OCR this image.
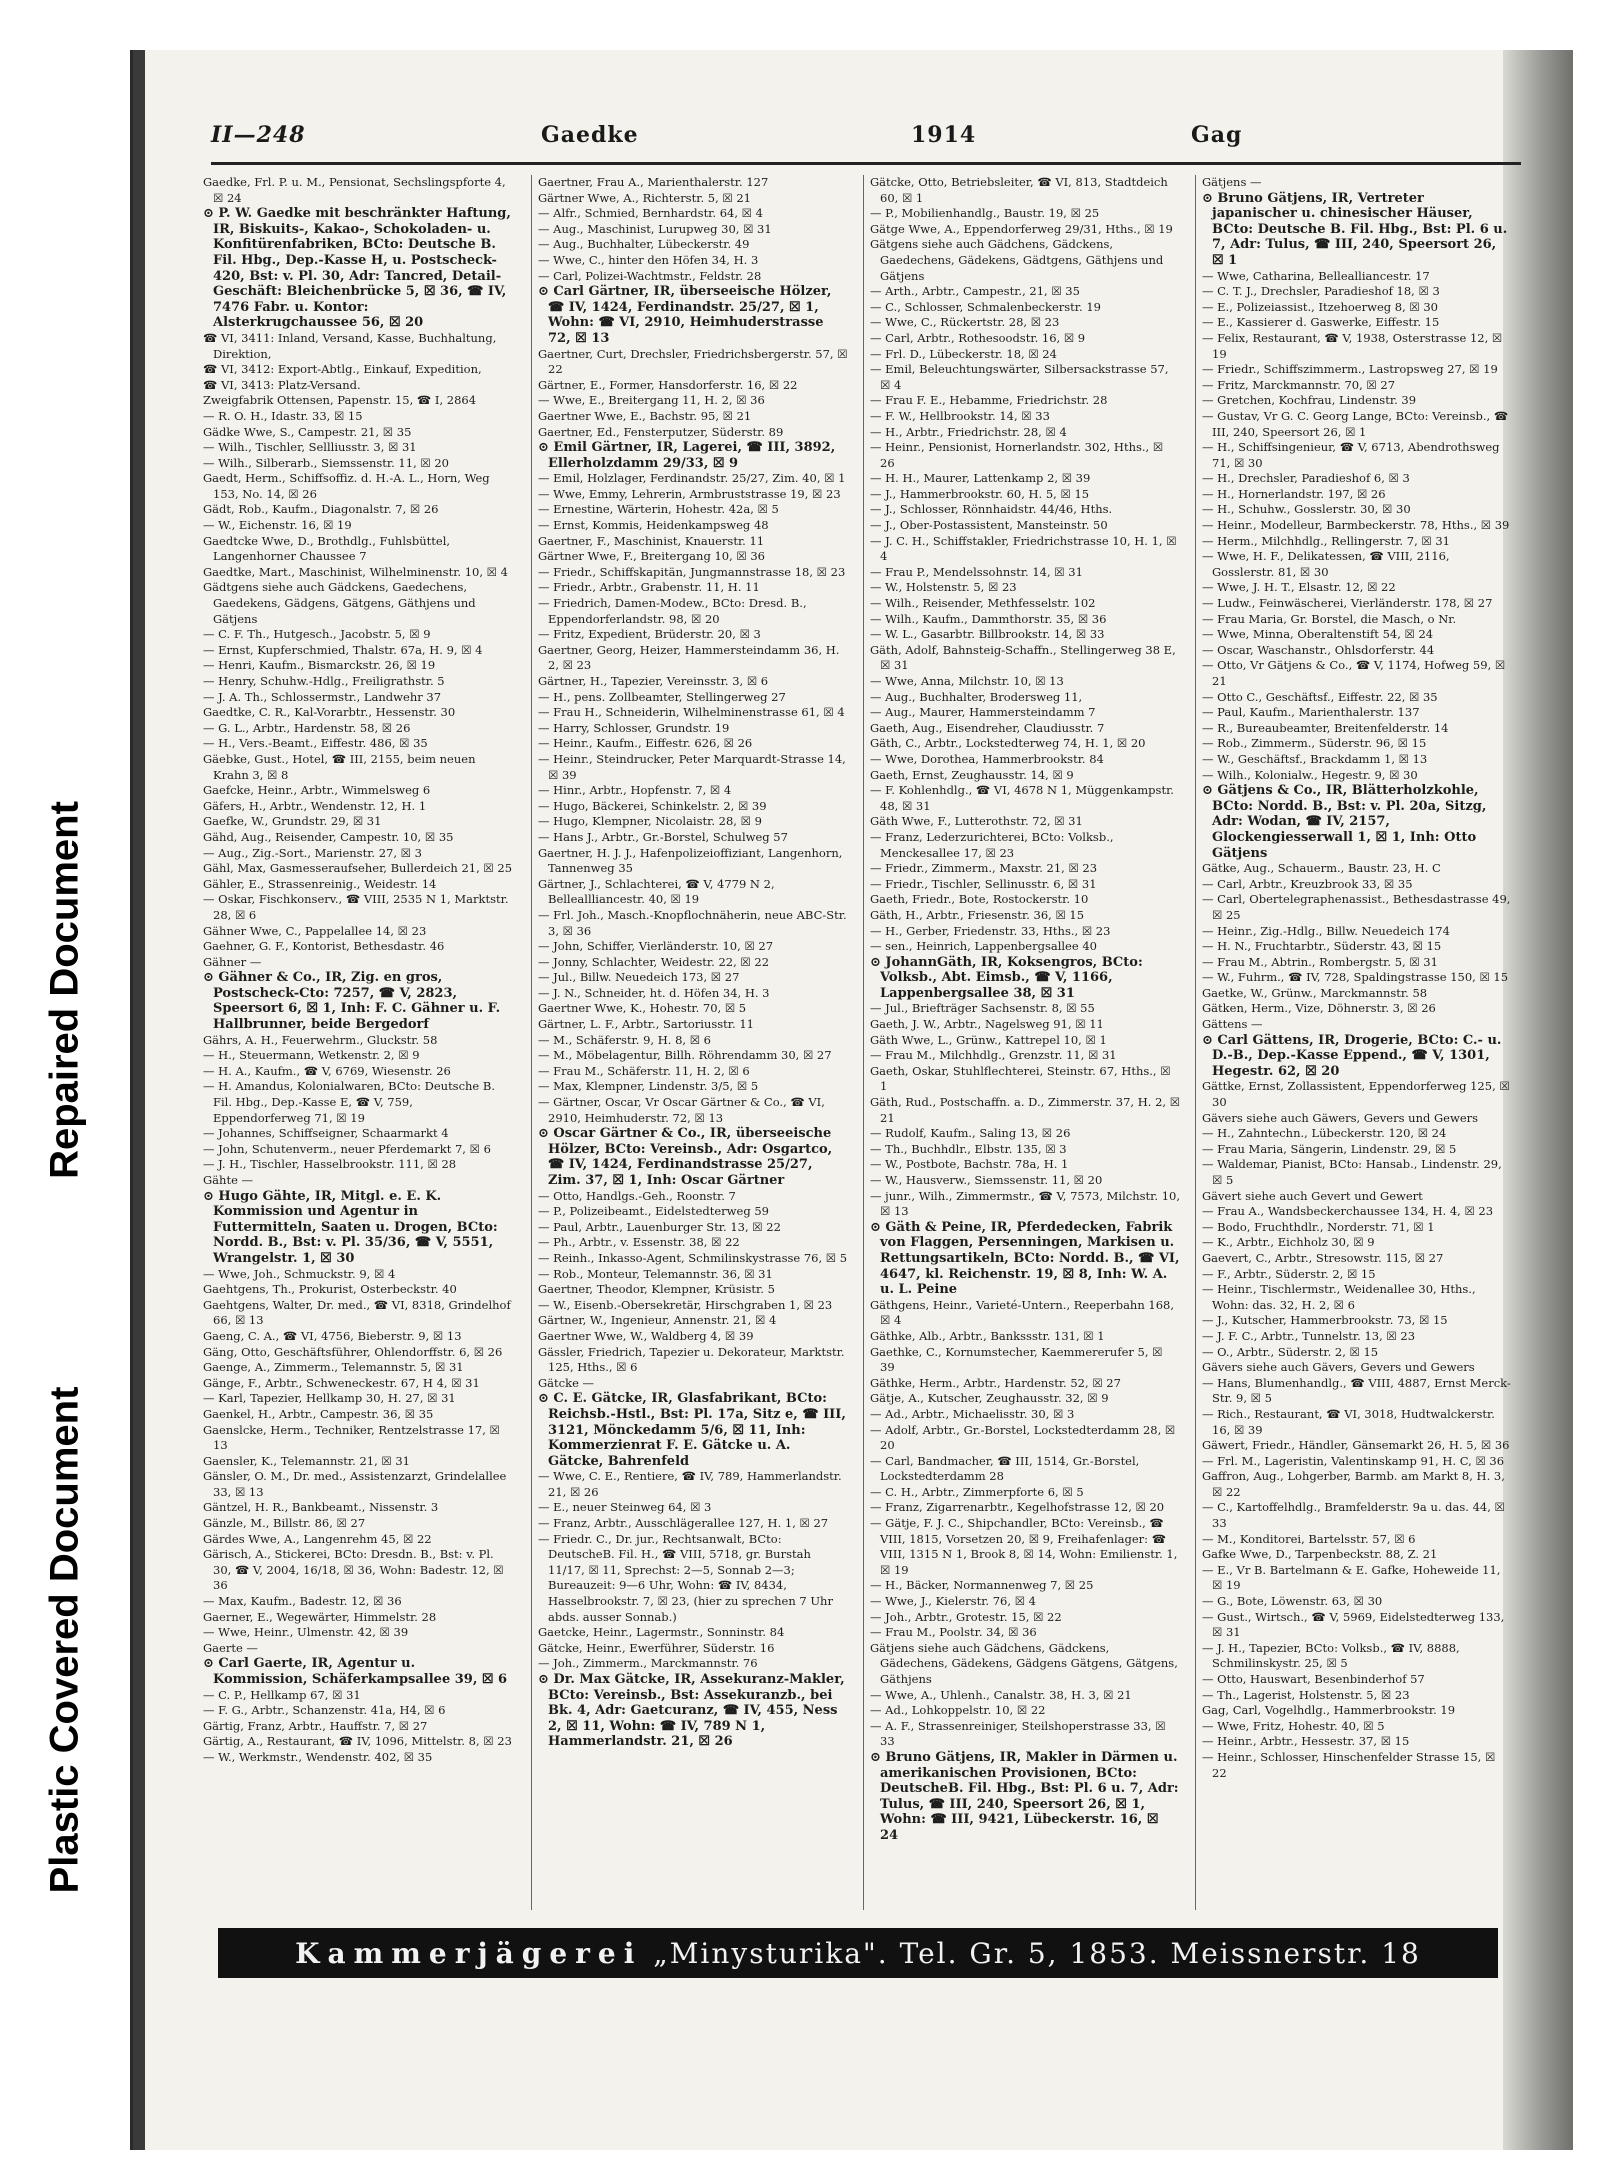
Repaired Document
Plastic Covered Document
II—248	Gaedke	1914	Gag

Gaedke, Frl. P. u. M., Pensionat, Sechslingspforte 4, ☒ 24

⊙ P. W. Gaedke mit beschränkter Haftung, IR, Biskuits-, Kakao-, Schokoladen- u. Konfitürenfabriken, BCto: Deutsche B. Fil. Hbg., Dep.-Kasse H, u. Postscheck-420, Bst: v. Pl. 30, Adr: Tancred, Detail-Geschäft: Bleichenbrücke 5, ☒ 36, ☎ IV, 7476 Fabr. u. Kontor: Alsterkrugchaussee 56, ☒ 20

☎ VI, 3411: Inland, Versand, Kasse, Buchhaltung, Direktion,

☎ VI, 3412: Export-Abtlg., Einkauf, Expedition,

☎ VI, 3413: Platz-Versand.

Zweigfabrik Ottensen, Papenstr. 15, ☎ I, 2864

— R. O. H., Idastr. 33, ☒ 15

Gädke Wwe, S., Campestr. 21, ☒ 35

— Wilh., Tischler, Sellliusstr. 3, ☒ 31

— Wilh., Silberarb., Siemssenstr. 11, ☒ 20

Gaedt, Herm., Schiffsoffiz. d. H.-A. L., Horn, Weg 153, No. 14, ☒ 26

Gädt, Rob., Kaufm., Diagonalstr. 7, ☒ 26

— W., Eichenstr. 16, ☒ 19

Gaedtcke Wwe, D., Brothdlg., Fuhlsbüttel, Langenhorner Chaussee 7

Gaedtke, Mart., Maschinist, Wilhelminenstr. 10, ☒ 4

Gädtgens siehe auch Gädckens, Gaedechens, Gaedekens, Gädgens, Gätgens, Gäthjens und Gätjens

— C. F. Th., Hutgesch., Jacobstr. 5, ☒ 9

— Ernst, Kupferschmied, Thalstr. 67a, H. 9, ☒ 4

— Henri, Kaufm., Bismarckstr. 26, ☒ 19

— Henry, Schuhw.-Hdlg., Freiligrathstr. 5

— J. A. Th., Schlossermstr., Landwehr 37

Gaedtke, C. R., Kal-Vorarbtr., Hessenstr. 30

— G. L., Arbtr., Hardenstr. 58, ☒ 26

— H., Vers.-Beamt., Eiffestr. 486, ☒ 35

Gäebke, Gust., Hotel, ☎ III, 2155, beim neuen Krahn 3, ☒ 8

Gaefcke, Heinr., Arbtr., Wimmelsweg 6

Gäfers, H., Arbtr., Wendenstr. 12, H. 1

Gaefke, W., Grundstr. 29, ☒ 31

Gähd, Aug., Reisender, Campestr. 10, ☒ 35

— Aug., Zig.-Sort., Marienstr. 27, ☒ 3

Gähl, Max, Gasmesseraufseher, Bullerdeich 21, ☒ 25

Gähler, E., Strassenreinig., Weidestr. 14

— Oskar, Fischkonserv., ☎ VIII, 2535 N 1, Marktstr. 28, ☒ 6

Gähner Wwe, C., Pappelallee 14, ☒ 23

Gaehner, G. F., Kontorist, Bethesdastr. 46

Gähner —

⊙ Gähner & Co., IR, Zig. en gros, Postscheck-Cto: 7257, ☎ V, 2823, Speersort 6, ☒ 1, Inh: F. C. Gähner u. F. Hallbrunner, beide Bergedorf

Gährs, A. H., Feuerwehrm., Gluckstr. 58

— H., Steuermann, Wetkenstr. 2, ☒ 9

— H. A., Kaufm., ☎ V, 6769, Wiesenstr. 26

— H. Amandus, Kolonialwaren, BCto: Deutsche B. Fil. Hbg., Dep.-Kasse E, ☎ V, 759, Eppendorferweg 71, ☒ 19

— Johannes, Schiffseigner, Schaarmarkt 4

— John, Schutenverm., neuer Pferdemarkt 7, ☒ 6

— J. H., Tischler, Hasselbrookstr. 111, ☒ 28

Gähte —

⊙ Hugo Gähte, IR, Mitgl. e. E. K. Kommission und Agentur in Futtermitteln, Saaten u. Drogen, BCto: Nordd. B., Bst: v. Pl. 35/36, ☎ V, 5551, Wrangelstr. 1, ☒ 30

— Wwe, Joh., Schmuckstr. 9, ☒ 4

Gaehtgens, Th., Prokurist, Osterbeckstr. 40

Gaehtgens, Walter, Dr. med., ☎ VI, 8318, Grindelhof 66, ☒ 13

Gaeng, C. A., ☎ VI, 4756, Bieberstr. 9, ☒ 13

Gäng, Otto, Geschäftsführer, Ohlendorffstr. 6, ☒ 26

Gaenge, A., Zimmerm., Telemannstr. 5, ☒ 31

Gänge, F., Arbtr., Schweneckestr. 67, H 4, ☒ 31

— Karl, Tapezier, Hellkamp 30, H. 27, ☒ 31

Gaenkel, H., Arbtr., Campestr. 36, ☒ 35

Gaenslcke, Herm., Techniker, Rentzelstrasse 17, ☒ 13

Gaensler, K., Telemannstr. 21, ☒ 31

Gänsler, O. M., Dr. med., Assistenzarzt, Grindelallee 33, ☒ 13

Gäntzel, H. R., Bankbeamt., Nissenstr. 3

Gänzle, M., Billstr. 86, ☒ 27

Gärdes Wwe, A., Langenrehm 45, ☒ 22

Gärisch, A., Stickerei, BCto: Dresdn. B., Bst: v. Pl. 30, ☎ V, 2004, 16/18, ☒ 36, Wohn: Badestr. 12, ☒ 36

— Max, Kaufm., Badestr. 12, ☒ 36

Gaerner, E., Wegewärter, Himmelstr. 28

— Wwe, Heinr., Ulmenstr. 42, ☒ 39

Gaerte —

⊙ Carl Gaerte, IR, Agentur u. Kommission, Schäferkampsallee 39, ☒ 6

— C. P., Hellkamp 67, ☒ 31

— F. G., Arbtr., Schanzenstr. 41a, H4, ☒ 6

Gärtig, Franz, Arbtr., Hauffstr. 7, ☒ 27

Gärtig, A., Restaurant, ☎ IV, 1096, Mittelstr. 8, ☒ 23

— W., Werkmstr., Wendenstr. 402, ☒ 35

Gaertner, Frau A., Marienthalerstr. 127

Gärtner Wwe, A., Richterstr. 5, ☒ 21

— Alfr., Schmied, Bernhardstr. 64, ☒ 4

— Aug., Maschinist, Lurupweg 30, ☒ 31

— Aug., Buchhalter, Lübeckerstr. 49

— Wwe, C., hinter den Höfen 34, H. 3

— Carl, Polizei-Wachtmstr., Feldstr. 28

⊙ Carl Gärtner, IR, überseeische Hölzer, ☎ IV, 1424, Ferdinandstr. 25/27, ☒ 1, Wohn: ☎ VI, 2910, Heimhuderstrasse 72, ☒ 13

Gaertner, Curt, Drechsler, Friedrichsbergerstr. 57, ☒ 22

Gärtner, E., Former, Hansdorferstr. 16, ☒ 22

— Wwe, E., Breitergang 11, H. 2, ☒ 36

Gaertner Wwe, E., Bachstr. 95, ☒ 21

Gaertner, Ed., Fensterputzer, Süderstr. 89

⊙ Emil Gärtner, IR, Lagerei, ☎ III, 3892, Ellerholzdamm 29/33, ☒ 9

— Emil, Holzlager, Ferdinandstr. 25/27, Zim. 40, ☒ 1

— Wwe, Emmy, Lehrerin, Armbruststrasse 19, ☒ 23

— Ernestine, Wärterin, Hohestr. 42a, ☒ 5

— Ernst, Kommis, Heidenkampsweg 48

Gaertner, F., Maschinist, Knauerstr. 11

Gärtner Wwe, F., Breitergang 10, ☒ 36

— Friedr., Schiffskapitän, Jungmannstrasse 18, ☒ 23

— Friedr., Arbtr., Grabenstr. 11, H. 11

— Friedrich, Damen-Modew., BCto: Dresd. B., Eppendorferlandstr. 98, ☒ 20

— Fritz, Expedient, Brüderstr. 20, ☒ 3

Gaertner, Georg, Heizer, Hammersteindamm 36, H. 2, ☒ 23

Gärtner, H., Tapezier, Vereinsstr. 3, ☒ 6

— H., pens. Zollbeamter, Stellingerweg 27

— Frau H., Schneiderin, Wilhelminenstrasse 61, ☒ 4

— Harry, Schlosser, Grundstr. 19

— Heinr., Kaufm., Eiffestr. 626, ☒ 26

— Heinr., Steindrucker, Peter Marquardt-Strasse 14, ☒ 39

— Hinr., Arbtr., Hopfenstr. 7, ☒ 4

— Hugo, Bäckerei, Schinkelstr. 2, ☒ 39

— Hugo, Klempner, Nicolaistr. 28, ☒ 9

— Hans J., Arbtr., Gr.-Borstel, Schulweg 57

Gaertner, H. J. J., Hafenpolizeioffiziant, Langenhorn, Tannenweg 35

Gärtner, J., Schlachterei, ☎ V, 4779 N 2, Belleallliancestr. 40, ☒ 19

— Frl. Joh., Masch.-Knopflochnäherin, neue ABC-Str. 3, ☒ 36

— John, Schiffer, Vierländerstr. 10, ☒ 27

— Jonny, Schlachter, Weidestr. 22, ☒ 22

— Jul., Billw. Neuedeich 173, ☒ 27

— J. N., Schneider, ht. d. Höfen 34, H. 3

Gaertner Wwe, K., Hohestr. 70, ☒ 5

Gärtner, L. F., Arbtr., Sartoriusstr. 11

— M., Schäferstr. 9, H. 8, ☒ 6

— M., Möbelagentur, Billh. Röhrendamm 30, ☒ 27

— Frau M., Schäferstr. 11, H. 2, ☒ 6

— Max, Klempner, Lindenstr. 3/5, ☒ 5

— Gärtner, Oscar, Vr Oscar Gärtner & Co., ☎ VI, 2910, Heimhuderstr. 72, ☒ 13

⊙ Oscar Gärtner & Co., IR, überseeische Hölzer, BCto: Vereinsb., Adr: Osgartco, ☎ IV, 1424, Ferdinandstrasse 25/27, Zim. 37, ☒ 1, Inh: Oscar Gärtner

— Otto, Handlgs.-Geh., Roonstr. 7

— P., Polizeibeamt., Eidelstedterweg 59

— Paul, Arbtr., Lauenburger Str. 13, ☒ 22

— Ph., Arbtr., v. Essenstr. 38, ☒ 22

— Reinh., Inkasso-Agent, Schmilinskystrasse 76, ☒ 5

— Rob., Monteur, Telemannstr. 36, ☒ 31

Gaertner, Theodor, Klempner, Krüsistr. 5

— W., Eisenb.-Obersekretär, Hirschgraben 1, ☒ 23

Gärtner, W., Ingenieur, Annenstr. 21, ☒ 4

Gaertner Wwe, W., Waldberg 4, ☒ 39

Gässler, Friedrich, Tapezier u. Dekorateur, Marktstr. 125, Hths., ☒ 6

Gätcke —

⊙ C. E. Gätcke, IR, Glasfabrikant, BCto: Reichsb.-Hstl., Bst: Pl. 17a, Sitz e, ☎ III, 3121, Mönckedamm 5/6, ☒ 11, Inh: Kommerzienrat F. E. Gätcke u. A. Gätcke, Bahrenfeld

— Wwe, C. E., Rentiere, ☎ IV, 789, Hammerlandstr. 21, ☒ 26

— E., neuer Steinweg 64, ☒ 3

— Franz, Arbtr., Ausschlägerallee 127, H. 1, ☒ 27

— Friedr. C., Dr. jur., Rechtsanwalt, BCto: DeutscheB. Fil. H., ☎ VIII, 5718, gr. Burstah 11/17, ☒ 11, Sprechst: 2—5, Sonnab 2—3; Bureauzeit: 9—6 Uhr, Wohn: ☎ IV, 8434, Hasselbrookstr. 7, ☒ 23, (hier zu sprechen 7 Uhr abds. ausser Sonnab.)

Gaetcke, Heinr., Lagermstr., Sonninstr. 84

Gätcke, Heinr., Ewerführer, Süderstr. 16

— Joh., Zimmerm., Marckmannstr. 76

⊙ Dr. Max Gätcke, IR, Assekuranz-Makler, BCto: Vereinsb., Bst: Assekuranzb., bei Bk. 4, Adr: Gaetcuranz, ☎ IV, 455, Ness 2, ☒ 11, Wohn: ☎ IV, 789 N 1, Hammerlandstr. 21, ☒ 26

Gätcke, Otto, Betriebsleiter, ☎ VI, 813, Stadtdeich 60, ☒ 1

— P., Mobilienhandlg., Baustr. 19, ☒ 25

Gätge Wwe, A., Eppendorferweg 29/31, Hths., ☒ 19

Gätgens siehe auch Gädchens, Gädckens, Gaedechens, Gädekens, Gädtgens, Gäthjens und Gätjens

— Arth., Arbtr., Campestr., 21, ☒ 35

— C., Schlosser, Schmalenbeckerstr. 19

— Wwe, C., Rückertstr. 28, ☒ 23

— Carl, Arbtr., Rothesoodstr. 16, ☒ 9

— Frl. D., Lübeckerstr. 18, ☒ 24

— Emil, Beleuchtungswärter, Silbersackstrasse 57, ☒ 4

— Frau F. E., Hebamme, Friedrichstr. 28

— F. W., Hellbrookstr. 14, ☒ 33

— H., Arbtr., Friedrichstr. 28, ☒ 4

— Heinr., Pensionist, Hornerlandstr. 302, Hths., ☒ 26

— H. H., Maurer, Lattenkamp 2, ☒ 39

— J., Hammerbrookstr. 60, H. 5, ☒ 15

— J., Schlosser, Rönnhaidstr. 44/46, Hths.

— J., Ober-Postassistent, Mansteinstr. 50

— J. C. H., Schiffstakler, Friedrichstrasse 10, H. 1, ☒ 4

— Frau P., Mendelssohnstr. 14, ☒ 31

— W., Holstenstr. 5, ☒ 23

— Wilh., Reisender, Methfesselstr. 102

— Wilh., Kaufm., Dammthorstr. 35, ☒ 36

— W. L., Gasarbtr. Billbrookstr. 14, ☒ 33

Gäth, Adolf, Bahnsteig-Schaffn., Stellingerweg 38 E, ☒ 31

— Wwe, Anna, Milchstr. 10, ☒ 13

— Aug., Buchhalter, Brodersweg 11,

— Aug., Maurer, Hammersteindamm 7

Gaeth, Aug., Eisendreher, Claudiusstr. 7

Gäth, C., Arbtr., Lockstedterweg 74, H. 1, ☒ 20

— Wwe, Dorothea, Hammerbrookstr. 84

Gaeth, Ernst, Zeughausstr. 14, ☒ 9

— F. Kohlenhdlg., ☎ VI, 4678 N 1, Müggenkampstr. 48, ☒ 31

Gäth Wwe, F., Lutterothstr. 72, ☒ 31

— Franz, Lederzurichterei, BCto: Volksb., Menckesallee 17, ☒ 23

— Friedr., Zimmerm., Maxstr. 21, ☒ 23

— Friedr., Tischler, Sellinusstr. 6, ☒ 31

Gaeth, Friedr., Bote, Rostockerstr. 10

Gäth, H., Arbtr., Friesenstr. 36, ☒ 15

— H., Gerber, Friedenstr. 33, Hths., ☒ 23

— sen., Heinrich, Lappenbergsallee 40

⊙ JohannGäth, IR, Koksengros, BCto: Volksb., Abt. Eimsb., ☎ V, 1166, Lappenbergsallee 38, ☒ 31

— Jul., Briefträger Sachsenstr. 8, ☒ 55

Gaeth, J. W., Arbtr., Nagelsweg 91, ☒ 11

Gäth Wwe, L., Grünw., Kattrepel 10, ☒ 1

— Frau M., Milchhdlg., Grenzstr. 11, ☒ 31

Gaeth, Oskar, Stuhlflechterei, Steinstr. 67, Hths., ☒ 1

Gäth, Rud., Postschaffn. a. D., Zimmerstr. 37, H. 2, ☒ 21

— Rudolf, Kaufm., Saling 13, ☒ 26

— Th., Buchhdlr., Elbstr. 135, ☒ 3

— W., Postbote, Bachstr. 78a, H. 1

— W., Hausverw., Siemssenstr. 11, ☒ 20

— junr., Wilh., Zimmermstr., ☎ V, 7573, Milchstr. 10, ☒ 13

⊙ Gäth & Peine, IR, Pferdedecken, Fabrik von Flaggen, Persenningen, Markisen u. Rettungsartikeln, BCto: Nordd. B., ☎ VI, 4647, kl. Reichenstr. 19, ☒ 8, Inh: W. A. u. L. Peine

Gäthgens, Heinr., Varieté-Untern., Reeperbahn 168, ☒ 4

Gäthke, Alb., Arbtr., Bankssstr. 131, ☒ 1

Gaethke, C., Kornumstecher, Kaemmererufer 5, ☒ 39

Gäthke, Herm., Arbtr., Hardenstr. 52, ☒ 27

Gätje, A., Kutscher, Zeughausstr. 32, ☒ 9

— Ad., Arbtr., Michaelisstr. 30, ☒ 3

— Adolf, Arbtr., Gr.-Borstel, Lockstedterdamm 28, ☒ 20

— Carl, Bandmacher, ☎ III, 1514, Gr.-Borstel, Lockstedterdamm 28

— C. H., Arbtr., Zimmerpforte 6, ☒ 5

— Franz, Zigarrenarbtr., Kegelhofstrasse 12, ☒ 20

— Gätje, F. J. C., Shipchandler, BCto: Vereinsb., ☎ VIII, 1815, Vorsetzen 20, ☒ 9, Freihafenlager: ☎ VIII, 1315 N 1, Brook 8, ☒ 14, Wohn: Emilienstr. 1, ☒ 19

— H., Bäcker, Normannenweg 7, ☒ 25

— Wwe, J., Kielerstr. 76, ☒ 4

— Joh., Arbtr., Grotestr. 15, ☒ 22

— Frau M., Poolstr. 34, ☒ 36

Gätjens siehe auch Gädchens, Gädckens, Gädechens, Gädekens, Gädgens Gätgens, Gätgens, Gäthjens

— Wwe, A., Uhlenh., Canalstr. 38, H. 3, ☒ 21

— Ad., Lohkoppelstr. 10, ☒ 22

— A. F., Strassenreiniger, Steilshoperstrasse 33, ☒ 33

⊙ Bruno Gätjens, IR, Makler in Därmen u. amerikanischen Provisionen, BCto: DeutscheB. Fil. Hbg., Bst: Pl. 6 u. 7, Adr: Tulus, ☎ III, 240, Speersort 26, ☒ 1, Wohn: ☎ III, 9421, Lübeckerstr. 16, ☒ 24

Gätjens —

⊙ Bruno Gätjens, IR, Vertreter japanischer u. chinesischer Häuser, BCto: Deutsche B. Fil. Hbg., Bst: Pl. 6 u. 7, Adr: Tulus, ☎ III, 240, Speersort 26, ☒ 1

— Wwe, Catharina, Bellealliancestr. 17

— C. T. J., Drechsler, Paradieshof 18, ☒ 3

— E., Polizeiassist., Itzehoerweg 8, ☒ 30

— E., Kassierer d. Gaswerke, Eiffestr. 15

— Felix, Restaurant, ☎ V, 1938, Osterstrasse 12, ☒ 19

— Friedr., Schiffszimmerm., Lastropsweg 27, ☒ 19

— Fritz, Marckmannstr. 70, ☒ 27

— Gretchen, Kochfrau, Lindenstr. 39

— Gustav, Vr G. C. Georg Lange, BCto: Vereinsb., ☎ III, 240, Speersort 26, ☒ 1

— H., Schiffsingenieur, ☎ V, 6713, Abendrothsweg 71, ☒ 30

— H., Drechsler, Paradieshof 6, ☒ 3

— H., Hornerlandstr. 197, ☒ 26

— H., Schuhw., Gosslerstr. 30, ☒ 30

— Heinr., Modelleur, Barmbeckerstr. 78, Hths., ☒ 39

— Herm., Milchhdlg., Rellingerstr. 7, ☒ 31

— Wwe, H. F., Delikatessen, ☎ VIII, 2116, Gosslerstr. 81, ☒ 30

— Wwe, J. H. T., Elsastr. 12, ☒ 22

— Ludw., Feinwäscherei, Vierländerstr. 178, ☒ 27

— Frau Maria, Gr. Borstel, die Masch, o Nr.

— Wwe, Minna, Oberaltenstift 54, ☒ 24

— Oscar, Waschanstr., Ohlsdorferstr. 44

— Otto, Vr Gätjens & Co., ☎ V, 1174, Hofweg 59, ☒ 21

— Otto C., Geschäftsf., Eiffestr. 22, ☒ 35

— Paul, Kaufm., Marienthalerstr. 137

— R., Bureaubeamter, Breitenfelderstr. 14

— Rob., Zimmerm., Süderstr. 96, ☒ 15

— W., Geschäftsf., Brackdamm 1, ☒ 13

— Wilh., Kolonialw., Hegestr. 9, ☒ 30

⊙ Gätjens & Co., IR, Blätterholzkohle, BCto: Nordd. B., Bst: v. Pl. 20a, Sitzg, Adr: Wodan, ☎ IV, 2157, Glockengiesserwall 1, ☒ 1, Inh: Otto Gätjens

Gätke, Aug., Schauerm., Baustr. 23, H. C

— Carl, Arbtr., Kreuzbrook 33, ☒ 35

— Carl, Obertelegraphenassist., Bethesdastrasse 49, ☒ 25

— Heinr., Zig.-Hdlg., Billw. Neuedeich 174

— H. N., Fruchtarbtr., Süderstr. 43, ☒ 15

— Frau M., Abtrin., Rombergstr. 5, ☒ 31

— W., Fuhrm., ☎ IV, 728, Spaldingstrasse 150, ☒ 15

Gaetke, W., Grünw., Marckmannstr. 58

Gätken, Herm., Vize, Döhnerstr. 3, ☒ 26

Gättens —

⊙ Carl Gättens, IR, Drogerie, BCto: C.- u. D.-B., Dep.-Kasse Eppend., ☎ V, 1301, Hegestr. 62, ☒ 20

Gättke, Ernst, Zollassistent, Eppendorferweg 125, ☒ 30

Gävers siehe auch Gäwers, Gevers und Gewers

— H., Zahntechn., Lübeckerstr. 120, ☒ 24

— Frau Maria, Sängerin, Lindenstr. 29, ☒ 5

— Waldemar, Pianist, BCto: Hansab., Lindenstr. 29, ☒ 5

Gävert siehe auch Gevert und Gewert

— Frau A., Wandsbeckerchaussee 134, H. 4, ☒ 23

— Bodo, Fruchthdlr., Norderstr. 71, ☒ 1

— K., Arbtr., Eichholz 30, ☒ 9

Gaevert, C., Arbtr., Stresowstr. 115, ☒ 27

— F., Arbtr., Süderstr. 2, ☒ 15

— Heinr., Tischlermstr., Weidenallee 30, Hths., Wohn: das. 32, H. 2, ☒ 6

— J., Kutscher, Hammerbrookstr. 73, ☒ 15

— J. F. C., Arbtr., Tunnelstr. 13, ☒ 23

— O., Arbtr., Süderstr. 2, ☒ 15

Gävers siehe auch Gävers, Gevers und Gewers

— Hans, Blumenhandlg., ☎ VIII, 4887, Ernst Merck-Str. 9, ☒ 5

— Rich., Restaurant, ☎ VI, 3018, Hudtwalckerstr. 16, ☒ 39

Gäwert, Friedr., Händler, Gänsemarkt 26, H. 5, ☒ 36

— Frl. M., Lageristin, Valentinskamp 91, H. C, ☒ 36

Gaffron, Aug., Lohgerber, Barmb. am Markt 8, H. 3, ☒ 22

— C., Kartoffelhdlg., Bramfelderstr. 9a u. das. 44, ☒ 33

— M., Konditorei, Bartelsstr. 57, ☒ 6

Gafke Wwe, D., Tarpenbeckstr. 88, Z. 21

— E., Vr B. Bartelmann & E. Gafke, Hoheweide 11, ☒ 19

— G., Bote, Löwenstr. 63, ☒ 30

— Gust., Wirtsch., ☎ V, 5969, Eidelstedterweg 133, ☒ 31

— J. H., Tapezier, BCto: Volksb., ☎ IV, 8888, Schmilinskystr. 25, ☒ 5

— Otto, Hauswart, Besenbinderhof 57

— Th., Lagerist, Holstenstr. 5, ☒ 23

Gag, Carl, Vogelhdlg., Hammerbrookstr. 19

— Wwe, Fritz, Hohestr. 40, ☒ 5

— Heinr., Arbtr., Hessestr. 37, ☒ 15

— Heinr., Schlosser, Hinschenfelder Strasse 15, ☒ 22

Kammerjägerei „Minysturika". Tel. Gr. 5, 1853. Meissnerstr. 18
